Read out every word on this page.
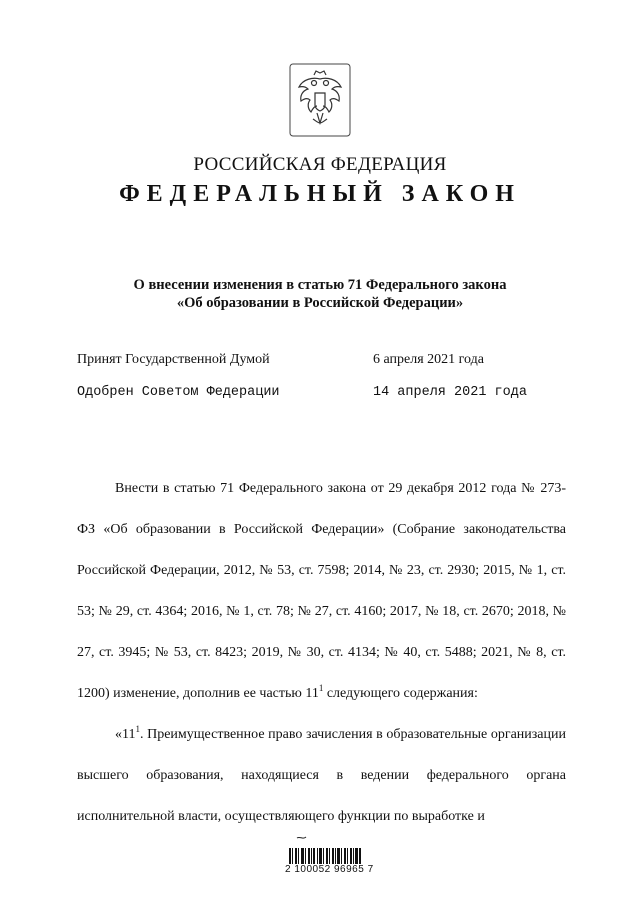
РОССИЙСКАЯ ФЕДЕРАЦИЯ
ФЕДЕРАЛЬНЫЙ ЗАКОН
О внесении изменения в статью 71 Федерального закона
«Об образовании в Российской Федерации»
Принят Государственной Думой	6 апреля 2021 года
Одобрен Советом Федерации	14 апреля 2021 года

Внести в статью 71 Федерального закона от 29 декабря 2012 года № 273-ФЗ «Об образовании в Российской Федерации» (Собрание законодательства Российской Федерации, 2012, № 53, ст. 7598; 2014, № 23, ст. 2930; 2015, № 1, ст. 53; № 29, ст. 4364; 2016, № 1, ст. 78; № 27, ст. 4160; 2017, № 18, ст. 2670; 2018, № 27, ст. 3945; № 53, ст. 8423; 2019, № 30, ст. 4134; № 40, ст. 5488; 2021, № 8, ст. 1200) изменение, дополнив ее частью $11^1$ следующего содержания:

«$11^1$. Преимущественное право зачисления в образовательные организации высшего образования, находящиеся в ведении федерального органа исполнительной власти, осуществляющего функции по выработке и

2 100052 96965 7
